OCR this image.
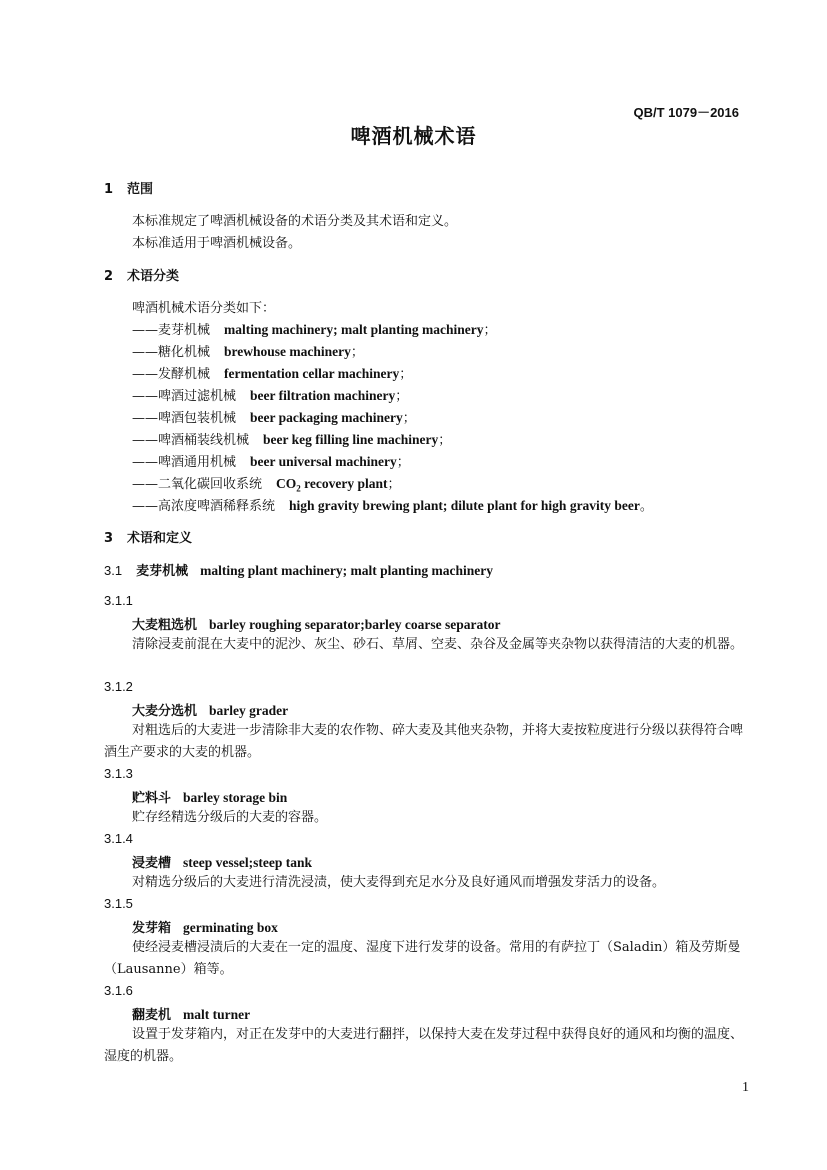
QB/T 1079－2016
啤酒机械术语
1 范围
本标准规定了啤酒机械设备的术语分类及其术语和定义。
本标准适用于啤酒机械设备。
2 术语分类
啤酒机械术语分类如下：
——麦芽机械 malting machinery; malt planting machinery；
——糖化机械 brewhouse machinery；
——发酵机械 fermentation cellar machinery；
——啤酒过滤机械 beer filtration machinery；
——啤酒包装机械 beer packaging machinery；
——啤酒桶装线机械 beer keg filling line machinery；
——啤酒通用机械 beer universal machinery；
——二氧化碳回收系统 $CO_2$ recovery plant；
——高浓度啤酒稀释系统 high gravity brewing plant; dilute plant for high gravity beer。
3 术语和定义
3.1 麦芽机械 malting plant machinery; malt planting machinery
3.1.1
大麦粗选机 barley roughing separator;barley coarse separator
清除浸麦前混在大麦中的泥沙、灰尘、砂石、草屑、空麦、杂谷及金属等夹杂物以获得清洁的大麦的机器。
3.1.2
大麦分选机 barley grader
对粗选后的大麦进一步清除非大麦的农作物、碎大麦及其他夹杂物，并将大麦按粒度进行分级以获得符合啤酒生产要求的大麦的机器。
3.1.3
贮料斗 barley storage bin
贮存经精选分级后的大麦的容器。
3.1.4
浸麦槽 steep vessel;steep tank
对精选分级后的大麦进行清洗浸渍，使大麦得到充足水分及良好通风而增强发芽活力的设备。
3.1.5
发芽箱 germinating box
使经浸麦槽浸渍后的大麦在一定的温度、湿度下进行发芽的设备。常用的有萨拉丁（Saladin）箱及劳斯曼（Lausanne）箱等。
3.1.6
翻麦机 malt turner
设置于发芽箱内，对正在发芽中的大麦进行翻拌，以保持大麦在发芽过程中获得良好的通风和均衡的温度、湿度的机器。
1
